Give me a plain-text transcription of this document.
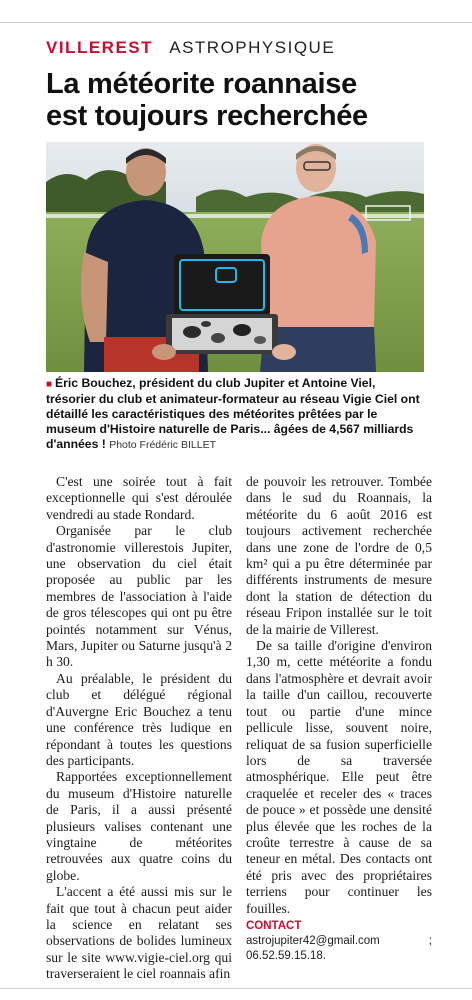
VILLEREST ASTROPHYSIQUE
La météorite roannaise
est toujours recherchée
■ Éric Bouchez, président du club Jupiter et Antoine Viel, trésorier du club et animateur-formateur au réseau Vigie Ciel ont détaillé les caractéristiques des météorites prêtées par le museum d'Histoire naturelle de Paris... âgées de 4,567 milliards d'années ! Photo Frédéric BILLET

C'est une soirée tout à fait exceptionnelle qui s'est déroulée vendredi au stade Rondard.

Organisée par le club d'astronomie villerestois Jupiter, une observation du ciel était proposée au public par les membres de l'association à l'aide de gros télescopes qui ont pu être pointés notamment sur Vénus, Mars, Jupiter ou Saturne jusqu'à 2 h 30.

Au préalable, le président du club et délégué régional d'Auvergne Eric Bouchez a tenu une conférence très ludique en répondant à toutes les questions des participants.

Rapportées exceptionnellement du museum d'Histoire naturelle de Paris, il a aussi présenté plusieurs valises contenant une vingtaine de météorites retrouvées aux quatre coins du globe.

L'accent a été aussi mis sur le fait que tout à chacun peut aider la science en relatant ses observations de bolides lumineux sur le site www.vigie-ciel.org qui traverseraient le ciel roannais afin

de pouvoir les retrouver. Tombée dans le sud du Roannais, la météorite du 6 août 2016 est toujours activement recherchée dans une zone de l'ordre de 0,5 km² qui a pu être déterminée par différents instruments de mesure dont la station de détection du réseau Fripon installée sur le toit de la mairie de Villerest.

De sa taille d'origine d'environ 1,30 m, cette météorite a fondu dans l'atmosphère et devrait avoir la taille d'un caillou, recouverte tout ou partie d'une mince pellicule lisse, souvent noire, reliquat de sa fusion superficielle lors de sa traversée atmosphérique. Elle peut être craquelée et receler des « traces de pouce » et possède une densité plus élevée que les roches de la croûte terrestre à cause de sa teneur en métal. Des contacts ont été pris avec des propriétaires terriens pour continuer les fouilles.

CONTACT astrojupiter42@gmail.com ; 06.52.59.15.18.
